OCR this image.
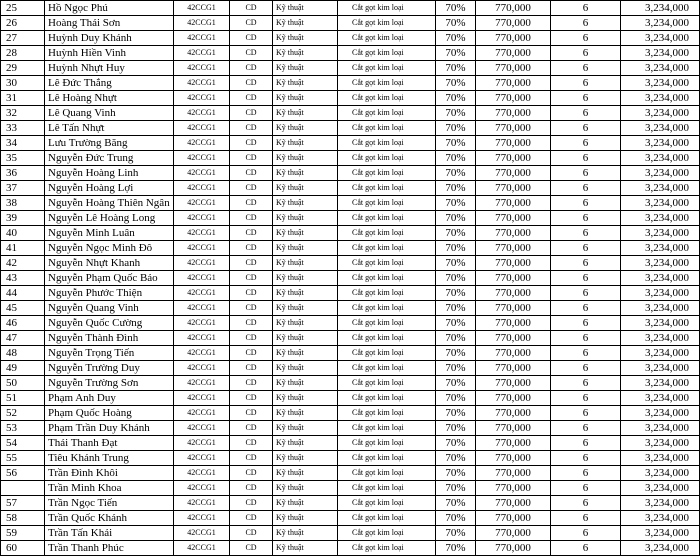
25	Hồ Ngọc Phú	42CCG1	CD	Kỹ thuật	Cắt gọt kim loại	70%	770,000	6	3,234,000
26	Hoàng Thái Sơn	42CCG1	CD	Kỹ thuật	Cắt gọt kim loại	70%	770,000	6	3,234,000
27	Huỳnh Duy Khánh	42CCG1	CD	Kỹ thuật	Cắt gọt kim loại	70%	770,000	6	3,234,000
28	Huỳnh Hiền Vinh	42CCG1	CD	Kỹ thuật	Cắt gọt kim loại	70%	770,000	6	3,234,000
29	Huỳnh Nhựt Huy	42CCG1	CD	Kỹ thuật	Cắt gọt kim loại	70%	770,000	6	3,234,000
30	Lê Đức Thắng	42CCG1	CD	Kỹ thuật	Cắt gọt kim loại	70%	770,000	6	3,234,000
31	Lê Hoàng Nhựt	42CCG1	CD	Kỹ thuật	Cắt gọt kim loại	70%	770,000	6	3,234,000
32	Lê Quang Vinh	42CCG1	CD	Kỹ thuật	Cắt gọt kim loại	70%	770,000	6	3,234,000
33	Lê Tấn Nhựt	42CCG1	CD	Kỹ thuật	Cắt gọt kim loại	70%	770,000	6	3,234,000
34	Lưu Trường Băng	42CCG1	CD	Kỹ thuật	Cắt gọt kim loại	70%	770,000	6	3,234,000
35	Nguyễn Đức Trung	42CCG1	CD	Kỹ thuật	Cắt gọt kim loại	70%	770,000	6	3,234,000
36	Nguyễn Hoàng Linh	42CCG1	CD	Kỹ thuật	Cắt gọt kim loại	70%	770,000	6	3,234,000
37	Nguyễn Hoàng Lợi	42CCG1	CD	Kỹ thuật	Cắt gọt kim loại	70%	770,000	6	3,234,000
38	Nguyễn Hoàng Thiên Ngân	42CCG1	CD	Kỹ thuật	Cắt gọt kim loại	70%	770,000	6	3,234,000
39	Nguyễn Lê Hoàng Long	42CCG1	CD	Kỹ thuật	Cắt gọt kim loại	70%	770,000	6	3,234,000
40	Nguyễn Minh Luân	42CCG1	CD	Kỹ thuật	Cắt gọt kim loại	70%	770,000	6	3,234,000
41	Nguyễn Ngọc Minh Đô	42CCG1	CD	Kỹ thuật	Cắt gọt kim loại	70%	770,000	6	3,234,000
42	Nguyễn Nhựt Khanh	42CCG1	CD	Kỹ thuật	Cắt gọt kim loại	70%	770,000	6	3,234,000
43	Nguyễn Phạm Quốc Bảo	42CCG1	CD	Kỹ thuật	Cắt gọt kim loại	70%	770,000	6	3,234,000
44	Nguyễn Phước Thiện	42CCG1	CD	Kỹ thuật	Cắt gọt kim loại	70%	770,000	6	3,234,000
45	Nguyễn Quang Vinh	42CCG1	CD	Kỹ thuật	Cắt gọt kim loại	70%	770,000	6	3,234,000
46	Nguyễn Quốc Cường	42CCG1	CD	Kỹ thuật	Cắt gọt kim loại	70%	770,000	6	3,234,000
47	Nguyễn Thành Đình	42CCG1	CD	Kỹ thuật	Cắt gọt kim loại	70%	770,000	6	3,234,000
48	Nguyễn Trọng Tiến	42CCG1	CD	Kỹ thuật	Cắt gọt kim loại	70%	770,000	6	3,234,000
49	Nguyễn Trường Duy	42CCG1	CD	Kỹ thuật	Cắt gọt kim loại	70%	770,000	6	3,234,000
50	Nguyễn Trường Sơn	42CCG1	CD	Kỹ thuật	Cắt gọt kim loại	70%	770,000	6	3,234,000
51	Phạm Anh Duy	42CCG1	CD	Kỹ thuật	Cắt gọt kim loại	70%	770,000	6	3,234,000
52	Phạm Quốc Hoàng	42CCG1	CD	Kỹ thuật	Cắt gọt kim loại	70%	770,000	6	3,234,000
53	Phạm Trần Duy Khánh	42CCG1	CD	Kỹ thuật	Cắt gọt kim loại	70%	770,000	6	3,234,000
54	Thái Thanh Đạt	42CCG1	CD	Kỹ thuật	Cắt gọt kim loại	70%	770,000	6	3,234,000
55	Tiêu Khánh Trung	42CCG1	CD	Kỹ thuật	Cắt gọt kim loại	70%	770,000	6	3,234,000
56	Trần Đình Khôi	42CCG1	CD	Kỹ thuật	Cắt gọt kim loại	70%	770,000	6	3,234,000
	Trần Minh Khoa	42CCG1	CD	Kỹ thuật	Cắt gọt kim loại	70%	770,000	6	3,234,000
57	Trần Ngọc Tiến	42CCG1	CD	Kỹ thuật	Cắt gọt kim loại	70%	770,000	6	3,234,000
58	Trần Quốc Khánh	42CCG1	CD	Kỹ thuật	Cắt gọt kim loại	70%	770,000	6	3,234,000
59	Trần Tấn Khải	42CCG1	CD	Kỹ thuật	Cắt gọt kim loại	70%	770,000	6	3,234,000
60	Trần Thanh Phúc	42CCG1	CD	Kỹ thuật	Cắt gọt kim loại	70%	770,000	6	3,234,000
